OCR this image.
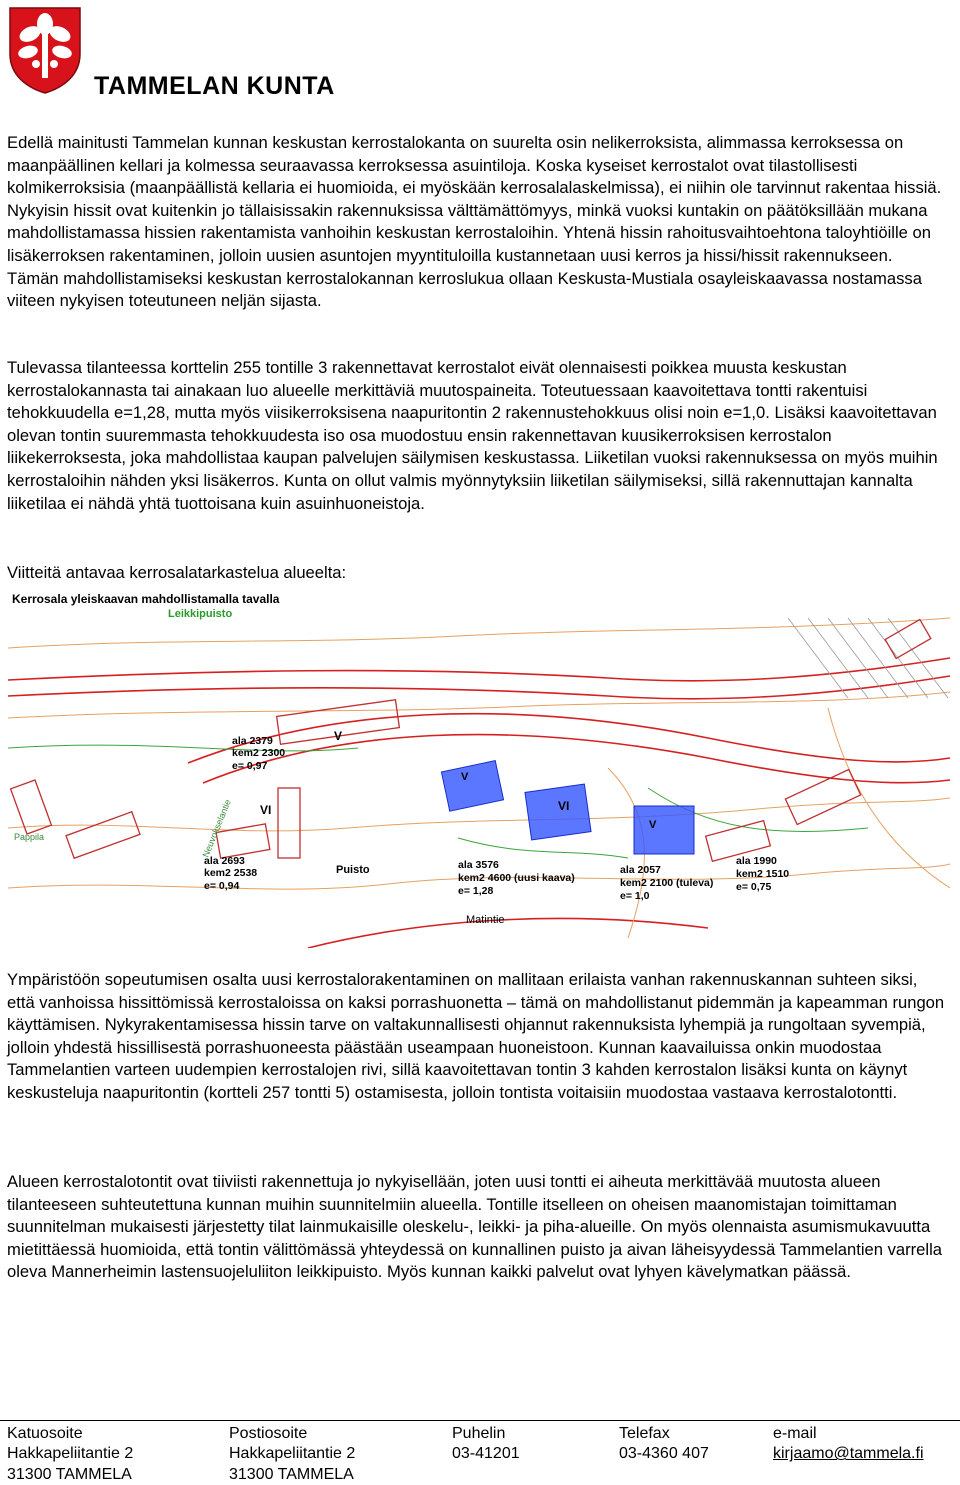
TAMMELAN KUNTA

Edellä mainitusti Tammelan kunnan keskustan kerrostalokanta on suurelta osin nelikerroksista, alimmassa kerroksessa on maanpäällinen kellari ja kolmessa seuraavassa kerroksessa asuintiloja. Koska kyseiset kerrostalot ovat tilastollisesti kolmikerroksisia (maanpäällistä kellaria ei huomioida, ei myöskään kerrosalalaskelmissa), ei niihin ole tarvinnut rakentaa hissiä. Nykyisin hissit ovat kuitenkin jo tällaisissakin rakennuksissa välttämättömyys, minkä vuoksi kuntakin on päätöksillään mukana mahdollistamassa hissien rakentamista vanhoihin keskustan kerrostaloihin. Yhtenä hissin rahoitusvaihtoehtona taloyhtiöille on lisäkerroksen rakentaminen, jolloin uusien asuntojen myyntituloilla kustannetaan uusi kerros ja hissi/hissit rakennukseen. Tämän mahdollistamiseksi keskustan kerrostalokannan kerroslukua ollaan Keskusta-Mustiala osayleiskaavassa nostamassa viiteen nykyisen toteutuneen neljän sijasta.

Tulevassa tilanteessa korttelin 255 tontille 3 rakennettavat kerrostalot eivät olennaisesti poikkea muusta keskustan kerrostalokannasta tai ainakaan luo alueelle merkittäviä muutospaineita. Toteutuessaan kaavoitettava tontti rakentuisi tehokkuudella e=1,28, mutta myös viisikerroksisena naapuritontin 2 rakennustehokkuus olisi noin e=1,0. Lisäksi kaavoitettavan olevan tontin suuremmasta tehokkuudesta iso osa muodostuu ensin rakennettavan kuusikerroksisen kerrostalon liikekerroksesta, joka mahdollistaa kaupan palvelujen säilymisen keskustassa. Liiketilan vuoksi rakennuksessa on myös muihin kerrostaloihin nähden yksi lisäkerros. Kunta on ollut valmis myönnytyksiin liiketilan säilymiseksi, sillä rakennuttajan kannalta liiketilaa ei nähdä yhtä tuottoisana kuin asuinhuoneistoja.

Viitteitä antavaa kerrosalatarkastelua alueelta:

Kerrosala yleiskaavan mahdollistamalla tavalla
Leikkipuisto
Neuvokselantie
Pappila
Puisto
Matintie
V
VI
V
VI
V
ala 2379
kem2 2300
e= 0,97
ala 2693
kem2 2538
e= 0,94
ala 3576
kem2 4600 (uusi kaava)
e= 1,28
ala 2057
kem2 2100 (tuleva)
e= 1,0
ala 1990
kem2 1510
e= 0,75

Ympäristöön sopeutumisen osalta uusi kerrostalorakentaminen on mallitaan erilaista vanhan rakennuskannan suhteen siksi, että vanhoissa hissittömissä kerrostaloissa on kaksi porrashuonetta – tämä on mahdollistanut pidemmän ja kapeamman rungon käyttämisen. Nykyrakentamisessa hissin tarve on valtakunnallisesti ohjannut rakennuksista lyhempiä ja rungoltaan syvempiä, jolloin yhdestä hissillisestä porrashuoneesta päästään useampaan huoneistoon. Kunnan kaavailuissa onkin muodostaa Tammelantien varteen uudempien kerrostalojen rivi, sillä kaavoitettavan tontin 3 kahden kerrostalon lisäksi kunta on käynyt keskusteluja naapuritontin (kortteli 257 tontti 5) ostamisesta, jolloin tontista voitaisiin muodostaa vastaava kerrostalotontti.

Alueen kerrostalotontit ovat tiiviisti rakennettuja jo nykyisellään, joten uusi tontti ei aiheuta merkittävää muutosta alueen tilanteeseen suhteutettuna kunnan muihin suunnitelmiin alueella. Tontille itselleen on oheisen maanomistajan toimittaman suunnitelman mukaisesti järjestetty tilat lainmukaisille oleskelu-, leikki- ja piha-alueille. On myös olennaista asumismukavuutta mietittäessä huomioida, että tontin välittömässä yhteydessä on kunnallinen puisto ja aivan läheisyydessä Tammelantien varrella oleva Mannerheimin lastensuojeluliiton leikkipuisto. Myös kunnan kaikki palvelut ovat lyhyen kävelymatkan päässä.

Katuosoite
Hakkapeliitantie 2
31300 TAMMELA
Postiosoite
Hakkapeliitantie 2
31300 TAMMELA
Puhelin
03-41201
Telefax
03-4360 407
e-mail
kirjaamo@tammela.fi
